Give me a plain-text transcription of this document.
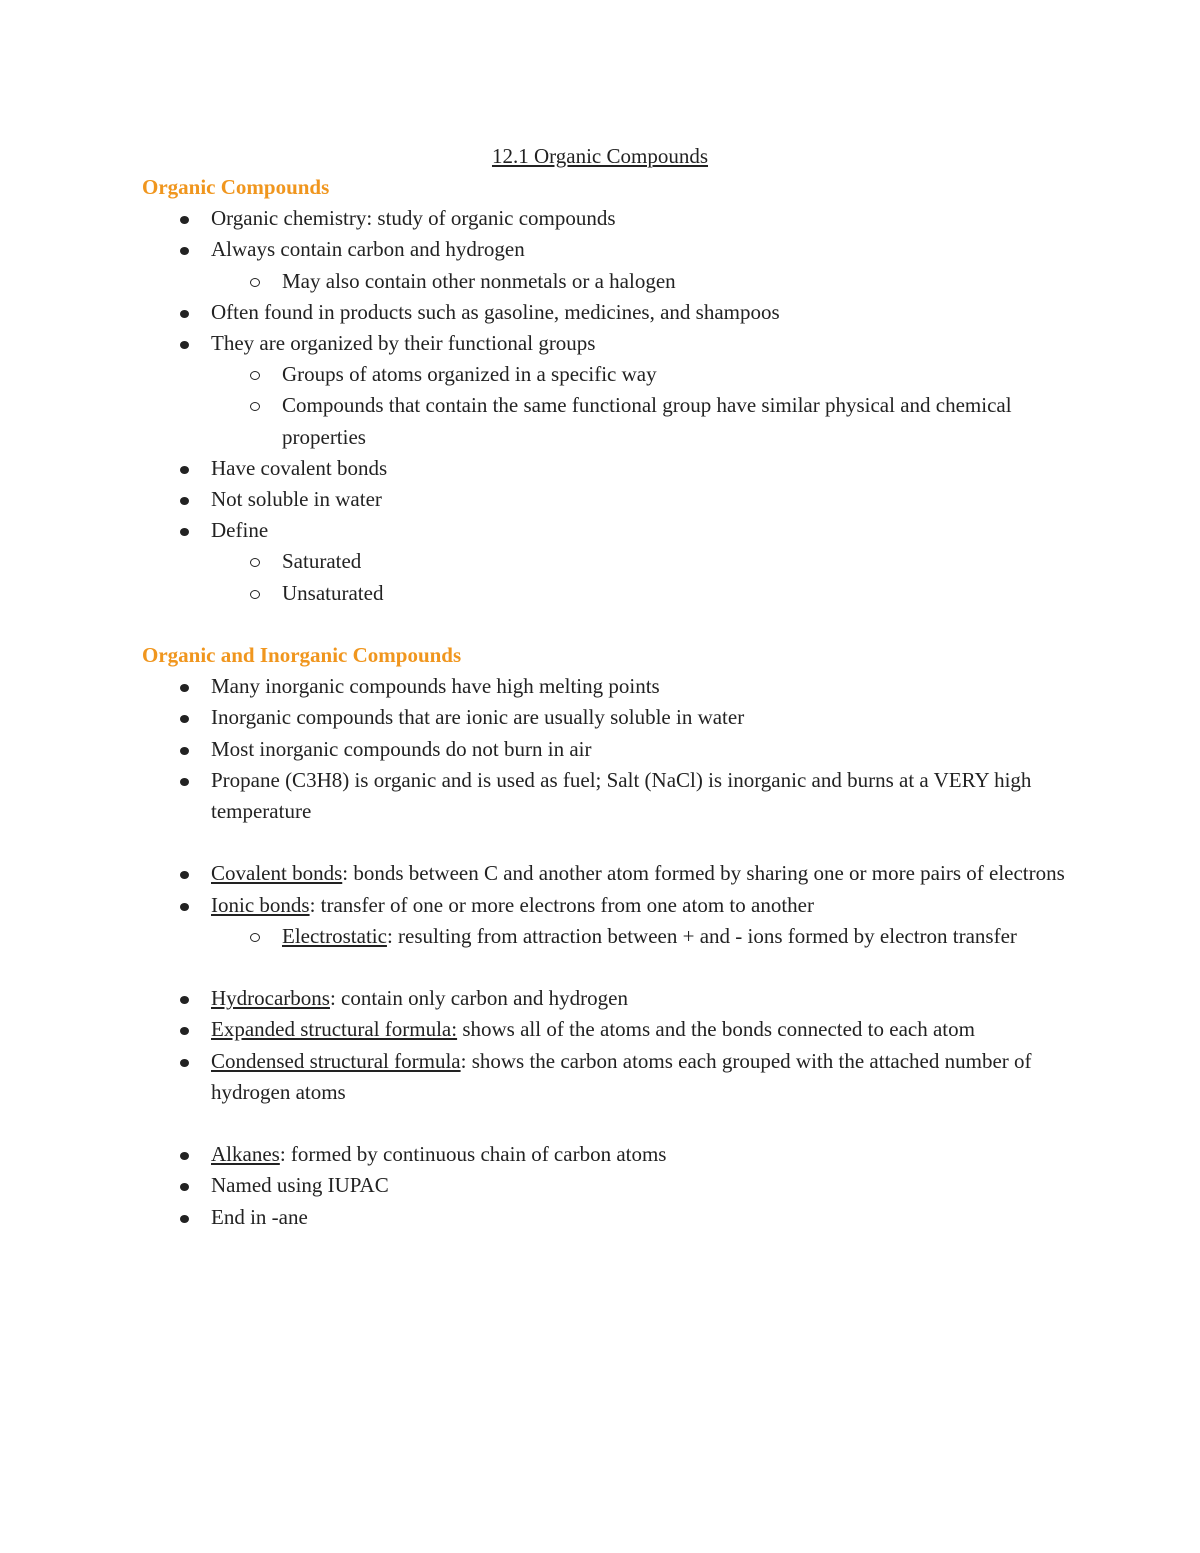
12.1 Organic Compounds
Organic Compounds
Organic chemistry: study of organic compounds
Always contain carbon and hydrogen
May also contain other nonmetals or a halogen
Often found in products such as gasoline, medicines, and shampoos
They are organized by their functional groups
Groups of atoms organized in a specific way
Compounds that contain the same functional group have similar physical and chemical properties
Have covalent bonds
Not soluble in water
Define
Saturated
Unsaturated
Organic and Inorganic Compounds
Many inorganic compounds have high melting points
Inorganic compounds that are ionic are usually soluble in water
Most inorganic compounds do not burn in air
Propane (C3H8) is organic and is used as fuel; Salt (NaCl) is inorganic and burns at a VERY high temperature
Covalent bonds: bonds between C and another atom formed by sharing one or more pairs of electrons
Ionic bonds: transfer of one or more electrons from one atom to another
Electrostatic: resulting from attraction between + and - ions formed by electron transfer
Hydrocarbons: contain only carbon and hydrogen
Expanded structural formula: shows all of the atoms and the bonds connected to each atom
Condensed structural formula: shows the carbon atoms each grouped with the attached number of hydrogen atoms
Alkanes: formed by continuous chain of carbon atoms
Named using IUPAC
End in -ane
